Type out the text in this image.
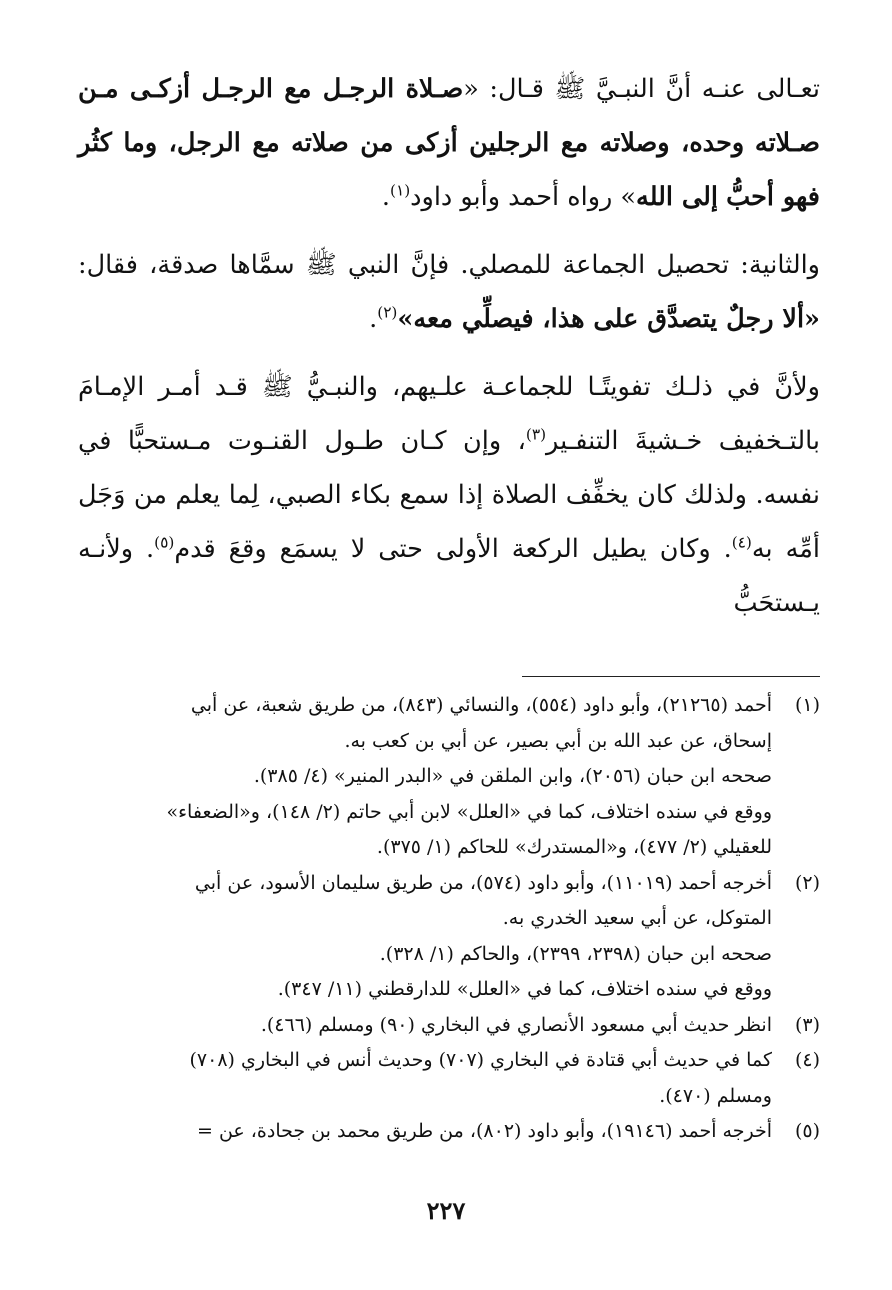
تعـالى عنـه أنَّ النبـيَّ ﷺ قـال: «صـلاة الرجـل مع الرجـل أزكـى مـن صـلاته وحده، وصلاته مع الرجلين أزكى من صلاته مع الرجل، وما كثُر فهو أحبُّ إلى الله» رواه أحمد وأبو داود$^{(١)}$.

والثانية: تحصيل الجماعة للمصلي. فإنَّ النبي ﷺ سمَّاها صدقة، فقال: «ألا رجلٌ يتصدَّق على هذا، فيصلِّي معه»$^{(٢)}$.

ولأنَّ في ذلـك تفويتًـا للجماعـة علـيهم، والنبـيُّ ﷺ قـد أمـر الإمـامَ بالتـخفيف خـشيةَ التنفـير$^{(٣)}$، وإن كـان طـول القنـوت مـستحبًّا في نفسه. ولذلك كان يخفِّف الصلاة إذا سمع بكاء الصبي، لِما يعلم من وَجَل أمِّه به$^{(٤)}$. وكان يطيل الركعة الأولى حتى لا يسمَع وقعَ قدم$^{(٥)}$. ولأنـه يـستحَبُّ

(١)
أحمد (٢١٢٦٥)، وأبو داود (٥٥٤)، والنسائي (٨٤٣)، من طريق شعبة، عن أبي
إسحاق، عن عبد الله بن أبي بصير، عن أبي بن كعب به.
صححه ابن حبان (٢٠٥٦)، وابن الملقن في «البدر المنير» (٤/ ٣٨٥).
ووقع في سنده اختلاف، كما في «العلل» لابن أبي حاتم (٢/ ١٤٨)، و«الضعفاء»
للعقيلي (٢/ ٤٧٧)، و«المستدرك» للحاكم (١/ ٣٧٥).
(٢)
أخرجه أحمد (١١٠١٩)، وأبو داود (٥٧٤)، من طريق سليمان الأسود، عن أبي
المتوكل، عن أبي سعيد الخدري به.
صححه ابن حبان (٢٣٩٨، ٢٣٩٩)، والحاكم (١/ ٣٢٨).
ووقع في سنده اختلاف، كما في «العلل» للدارقطني (١١/ ٣٤٧).
(٣)
انظر حديث أبي مسعود الأنصاري في البخاري (٩٠) ومسلم (٤٦٦).
(٤)
كما في حديث أبي قتادة في البخاري (٧٠٧) وحديث أنس في البخاري (٧٠٨)
ومسلم (٤٧٠).
(٥)
أخرجه أحمد (١٩١٤٦)، وأبو داود (٨٠٢)، من طريق محمد بن جحادة، عن =
٢٢٧
